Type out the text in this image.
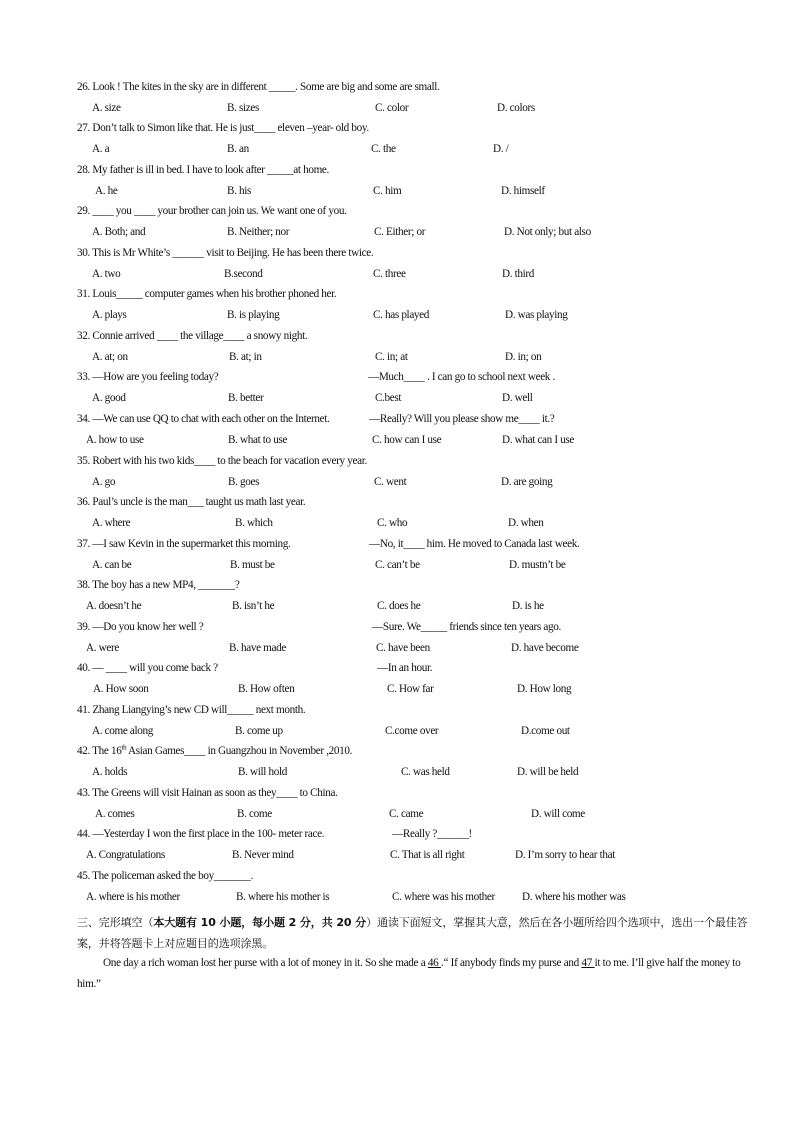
26. Look ! The kites in the sky are in different _____. Some are big and some are small.
A. size	B. sizes	C. color	D. colors
27. Don’t talk to Simon like that. He is just____ eleven –year- old boy.
A. a	B. an	C. the	D. /
28. My father is ill in bed. I have to look after _____at home.
A. he	B. his	C. him	D. himself
29. ____ you ____ your brother can join us. We want one of you.
A. Both; and	B. Neither; nor	C. Either; or	D. Not only; but also
30. This is Mr White’s ______ visit to Beijing. He has been there twice.
A. two	B.second	C. three	D. third
31. Louis_____ computer games when his brother phoned her.
A. plays	B. is playing	C. has played	D. was playing
32. Connie arrived ____ the village____ a snowy night.
A. at; on	B. at; in	C. in; at	D. in; on
33. —How are you feeling today?	—Much____ . I can go to school next week .
A. good	B. better	C.best	D. well
34. —We can use QQ to chat with each other on the Internet.	—Really? Will you please show me____ it.?
A. how to use	B. what to use	C. how can I use	D. what can I use
35. Robert with his two kids____ to the beach for vacation every year.
A. go	B. goes	C. went	D. are going
36. Paul’s uncle is the man___ taught us math last year.
A. where	B. which	C. who	D. when
37. —I saw Kevin in the supermarket this morning.	—No, it____ him. He moved to Canada last week.
A. can be	B. must be	C. can’t be	D. mustn’t be
38. The boy has a new MP4, _______?
A. doesn’t he	B. isn’t he	C. does he	D. is he
39. —Do you know her well ?	—Sure. We_____ friends since ten years ago.
A. were	B. have made	C. have been	D. have become
40. — ____ will you come back ?	—In an hour.
A. How soon	B. How often	C. How far	D. How long
41. Zhang Liangying’s new CD will_____ next month.
A. come along	B. come up	C.come over	D.come out
42. The 16th Asian Games____ in Guangzhou in November ,2010.
A. holds	B. will hold	C. was held	D. will be held
43. The Greens will visit Hainan as soon as they____ to China.
A. comes	B. come	C. came	D. will come
44. —Yesterday I won the first place in the 100- meter race.	—Really ?______!
A. Congratulations	B. Never mind	C. That is all right	D. I’m sorry to hear that
45. The policeman asked the boy_______.
A. where is his mother	B. where his mother is	C. where was his mother D. where his mother was
三、完形填空（本大题有 10 小题，每小题 2 分，共 20 分）通读下面短文，掌握其大意，然后在各小题所给四个选项中，选出一个最佳答案，并将答题卡上对应题目的选项涂黑。
One day a rich woman lost her purse with a lot of money in it. So she made a 46 .“ If anybody finds my purse and 47 it to me. I’ll give half the money to him.”
